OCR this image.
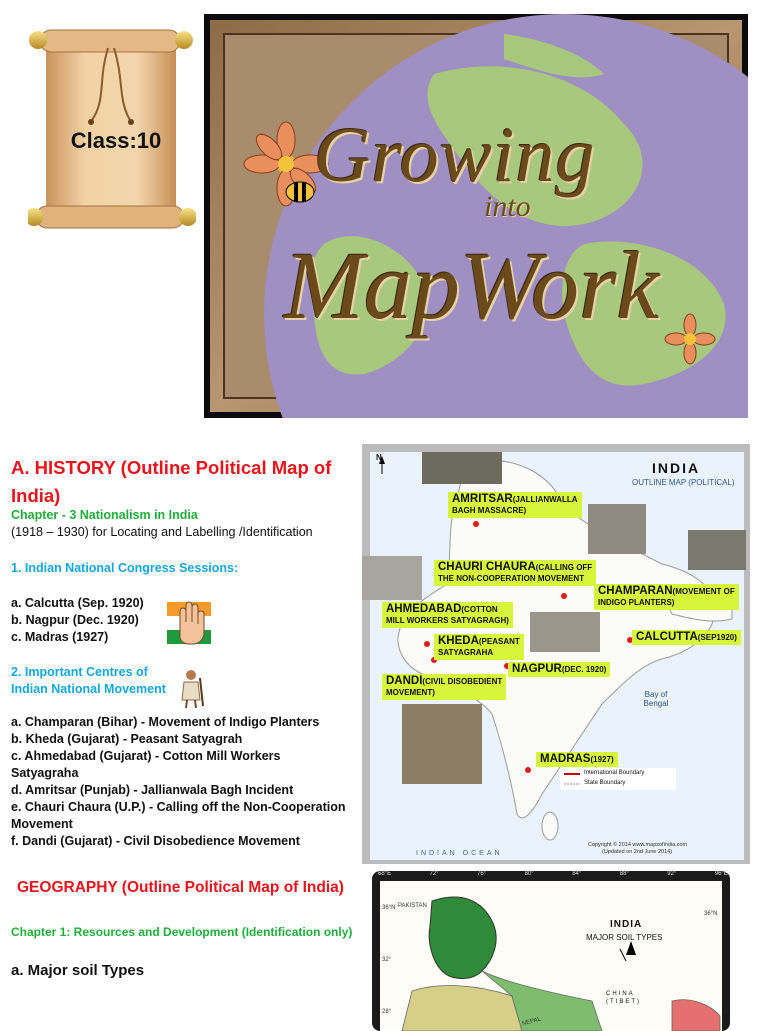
Class:10 Growing
into
MapWork
A. HISTORY (Outline Political Map of India)
Chapter - 3 Nationalism in India
(1918 – 1930) for Locating and Labelling /Identification
1. Indian National Congress Sessions:
a. Calcutta (Sep. 1920)
b. Nagpur (Dec. 1920)
c. Madras (1927)
2. Important Centres of
Indian National Movement
a. Champaran (Bihar) - Movement of Indigo Planters
b. Kheda (Gujarat) - Peasant Satyagrah
c. Ahmedabad (Gujarat) - Cotton Mill Workers Satyagraha
d. Amritsar (Punjab) - Jallianwala Bagh Incident
e. Chauri Chaura (U.P.) - Calling off the Non-Cooperation Movement
f. Dandi (Gujarat) - Civil Disobedience Movement
N
INDIA
OUTLINE MAP (POLITICAL)
AMRITSAR(JALLIANWALLA
BAGH MASSACRE)
CHAURI CHAURA(CALLING OFF
THE NON-COOPERATION MOVEMENT
CHAMPARAN(MOVEMENT OF
INDIGO PLANTERS)
AHMEDABAD(COTTON
MILL WORKERS SATYAGRAGH)
KHEDA(PEASANT
SATYAGRAHA
CALCUTTA(SEP1920)
NAGPUR(DEC. 1920)
DANDI(CIVIL DISOBEDIENT
MOVEMENT)
MADRAS(1927)
Bay of Bengal
International Boundary
State Boundary
Copyright © 2014 www.mapsofindia.com
(Updated on 2nd June 2014)
INDIAN OCEAN
GEOGRAPHY (Outline Political Map of India)
Chapter 1: Resources and Development (Identification only)
a. Major soil Types
PAKISTAN
INDIA
MAJOR SOIL TYPES
CHINA
(TIBET)
NEPAL
68°E	72°	76°	80°	84°	88°	92°	96°E
36°N
32°
28°
36°N
